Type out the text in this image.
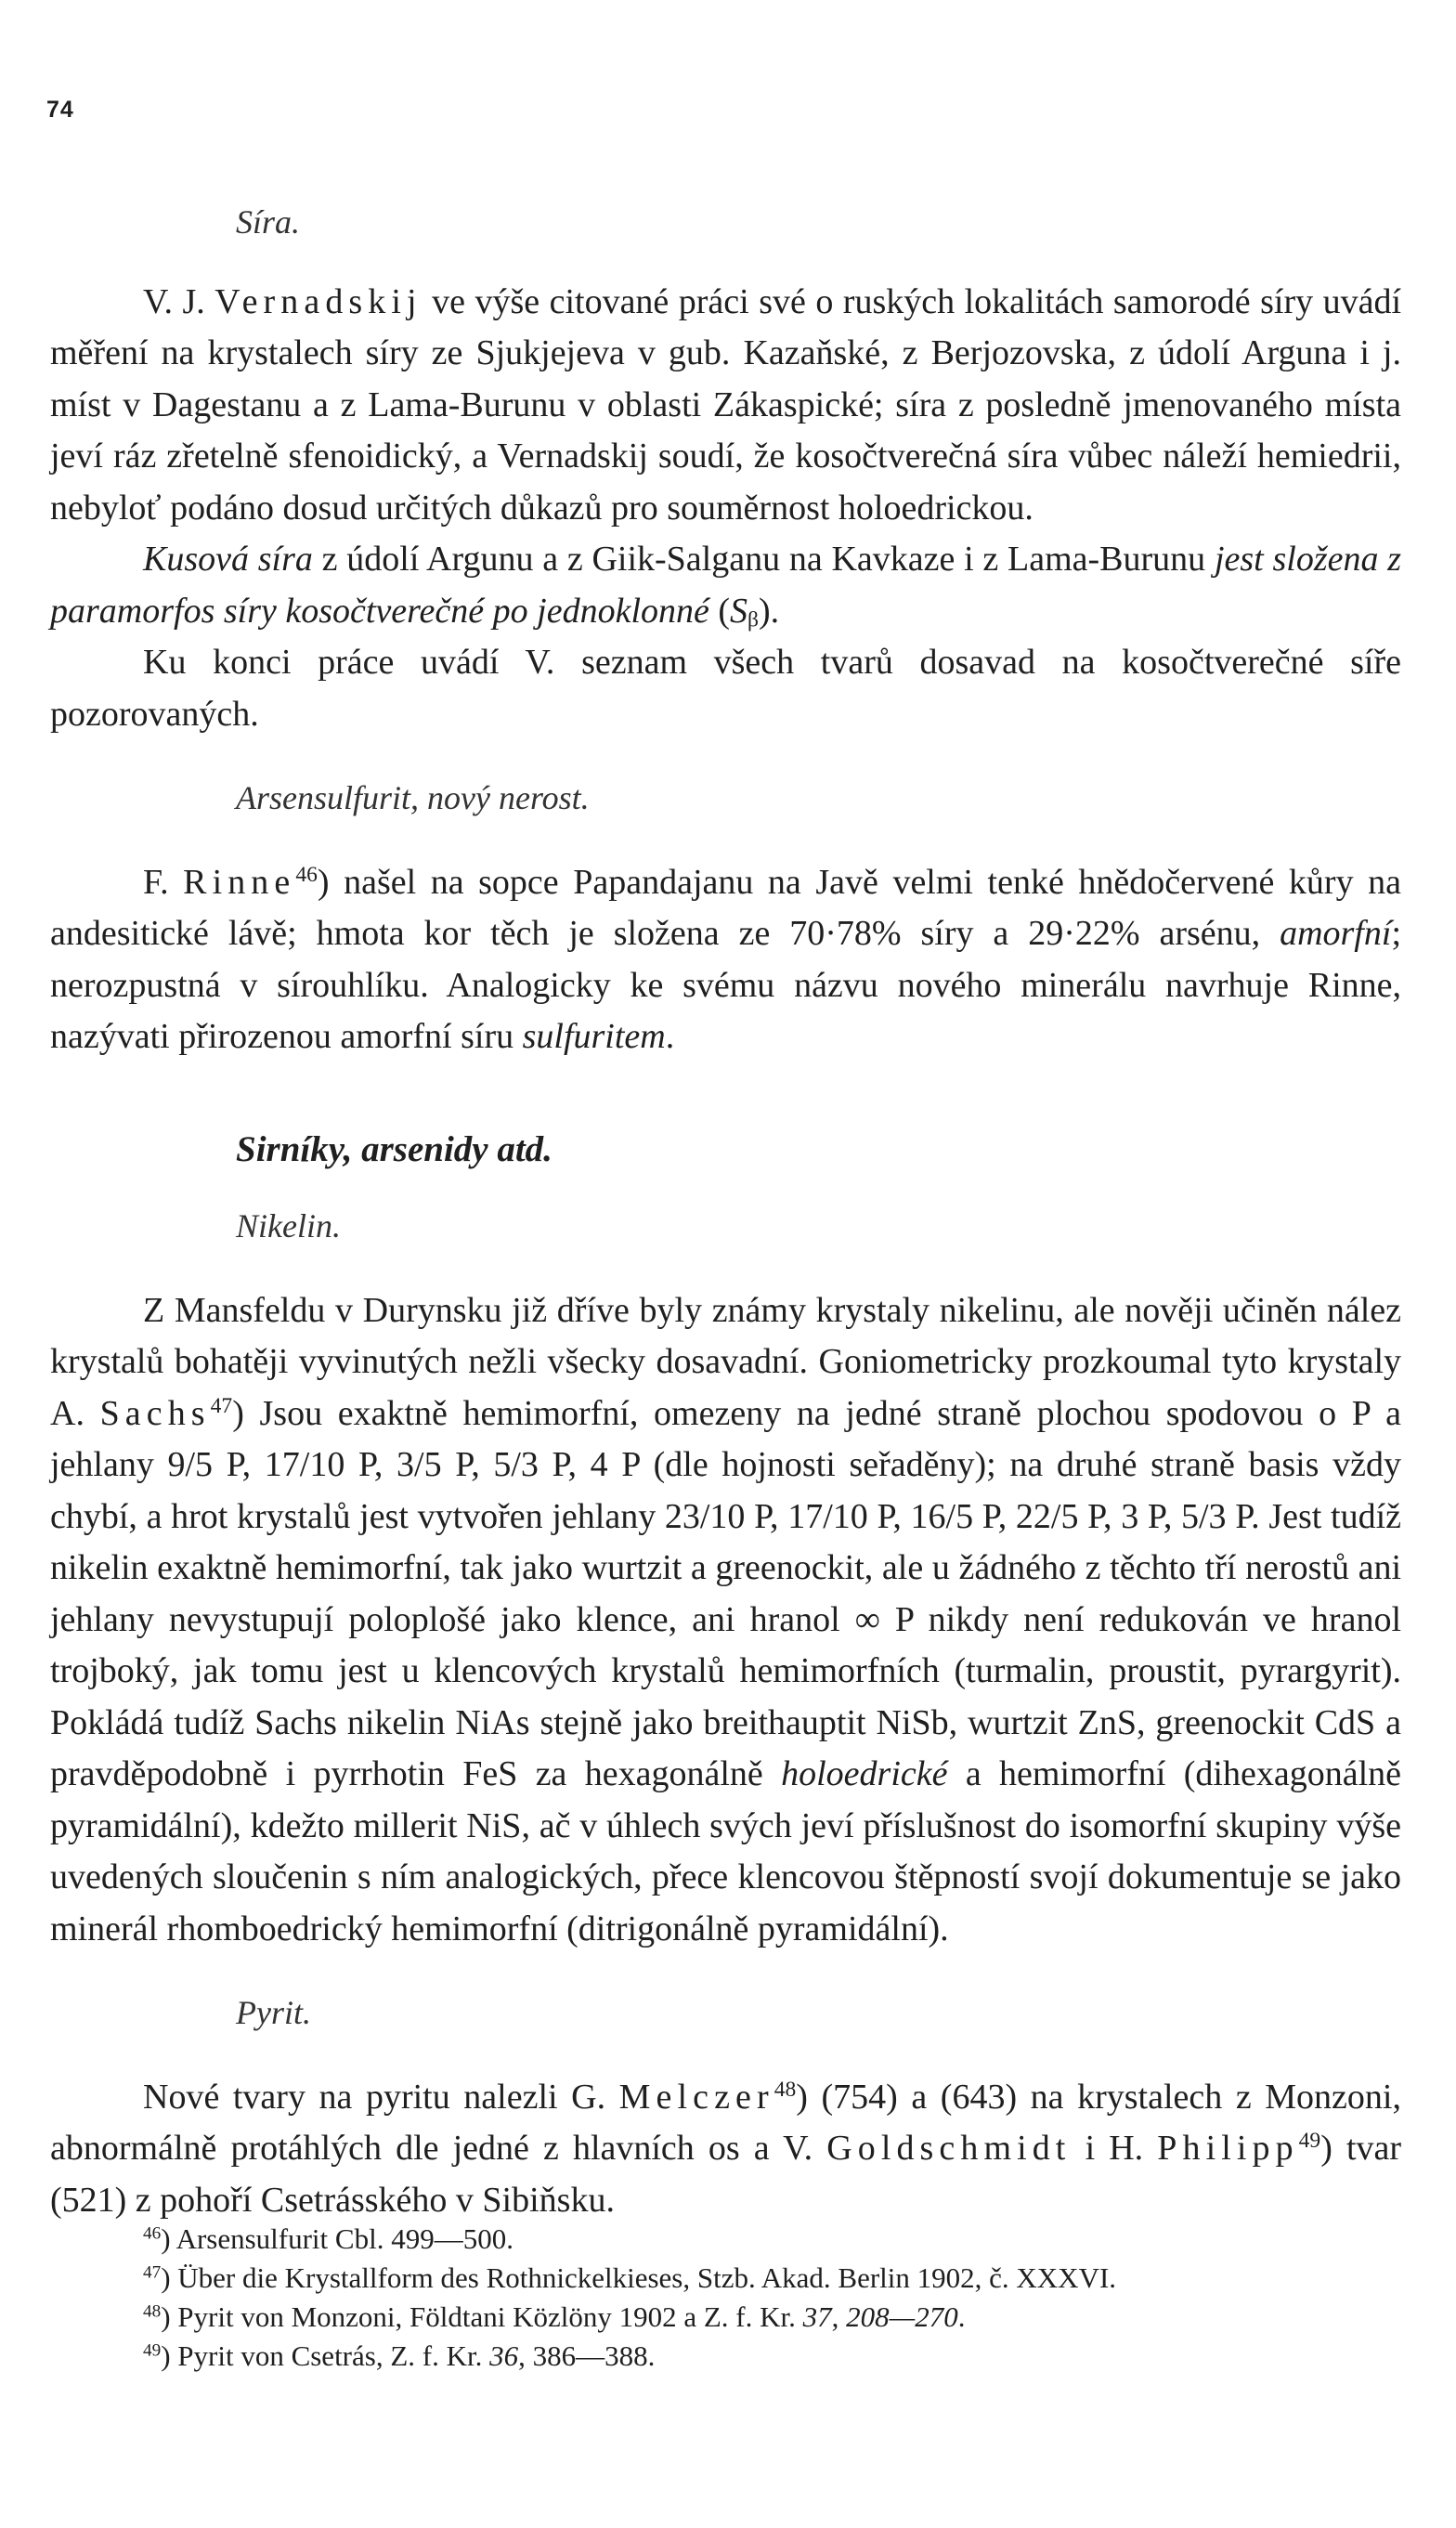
74

Síra.

V. J. Vernadskij ve výše citované práci své o ruských lokalitách samorodé síry uvádí měření na krystalech síry ze Sjukjejeva v gub. Kazaňské, z Berjozovska, z údolí Arguna i j. míst v Dagestanu a z Lama-Burunu v oblasti Zákaspické; síra z posledně jmenovaného místa jeví ráz zřetelně sfenoidický, a Vernadskij soudí, že kosočtverečná síra vůbec náleží hemiedrii, nebyloť podáno dosud určitých důkazů pro souměrnost holoedrickou.

Kusová síra z údolí Argunu a z Giik-Salganu na Kavkaze i z Lama-Burunu jest složena z paramorfos síry kosočtverečné po jednoklonné $(S_\beta)$.

Ku konci práce uvádí V. seznam všech tvarů dosavad na kosočtverečné síře pozorovaných.

Arsensulfurit, nový nerost.

F. Rinne$^{46}$) našel na sopce Papandajanu na Javě velmi tenké hnědočervené kůry na andesitické lávě; hmota kor těch je složena ze 70·78% síry a 29·22% arsénu, amorfní; nerozpustná v sírouhlíku. Analogicky ke svému názvu nového minerálu navrhuje Rinne, nazývati přirozenou amorfní síru sulfuritem.

Sirníky, arsenidy atd.

Nikelin.

Z Mansfeldu v Durynsku již dříve byly známy krystaly nikelinu, ale nověji učiněn nález krystalů bohatěji vyvinutých nežli všecky dosavadní. Goniometricky prozkoumal tyto krystaly A. Sachs$^{47}$) Jsou exaktně hemimorfní, omezeny na jedné straně plochou spodovou o P a jehlany 9/5 P, 17/10 P, 3/5 P, 5/3 P, 4 P (dle hojnosti seřaděny); na druhé straně basis vždy chybí, a hrot krystalů jest vytvořen jehlany 23/10 P, 17/10 P, 16/5 P, 22/5 P, 3 P, 5/3 P. Jest tudíž nikelin exaktně hemimorfní, tak jako wurtzit a greenockit, ale u žádného z těchto tří nerostů ani jehlany nevystupují poloplošé jako klence, ani hranol ∞ P nikdy není redukován ve hranol trojboký, jak tomu jest u klencových krystalů hemimorfních (turmalin, proustit, pyrargyrit). Pokládá tudíž Sachs nikelin NiAs stejně jako breithauptit NiSb, wurtzit ZnS, greenockit CdS a pravděpodobně i pyrrhotin FeS za hexagonálně holoedrické a hemimorfní (dihexagonálně pyramidální), kdežto millerit NiS, ač v úhlech svých jeví příslušnost do isomorfní skupiny výše uvedených sloučenin s ním analogických, přece klencovou štěpností svojí dokumentuje se jako minerál rhomboedrický hemimorfní (ditrigonálně pyramidální).

Pyrit.

Nové tvary na pyritu nalezli G. Melczer$^{48}$) (754) a (643) na krystalech z Monzoni, abnormálně protáhlých dle jedné z hlavních os a V. Goldschmidt i H. Philipp$^{49}$) tvar (521) z pohoří Csetrásského v Sibiňsku.

$^{46}$) Arsensulfurit Cbl. 499—500.

$^{47}$) Über die Krystallform des Rothnickelkieses, Stzb. Akad. Berlin 1902, č. XXXVI.

$^{48}$) Pyrit von Monzoni, Földtani Közlöny 1902 a Z. f. Kr. 37, 208—270.

$^{49}$) Pyrit von Csetrás, Z. f. Kr. 36, 386—388.
